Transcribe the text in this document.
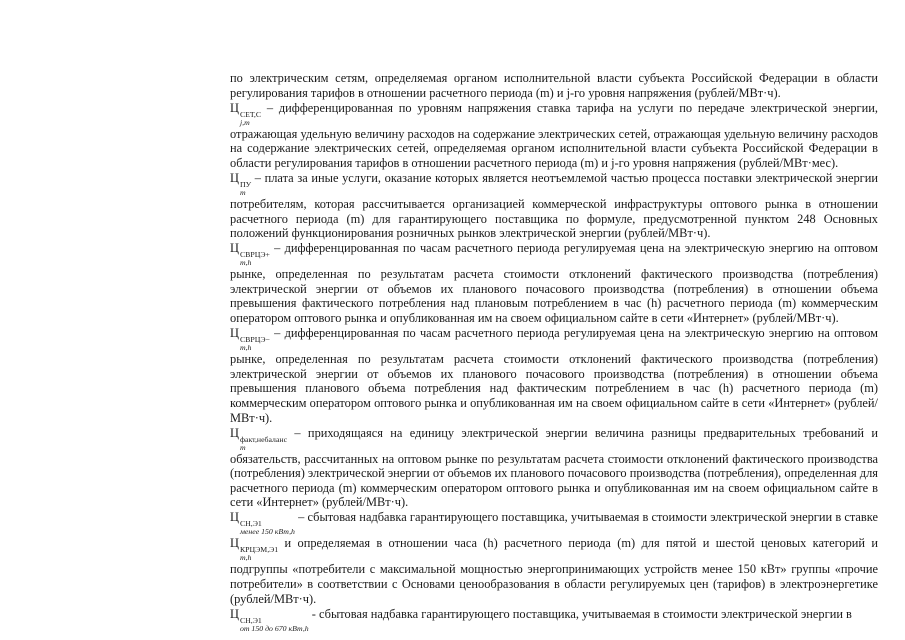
по электрическим сетям, определяемая органом исполнительной власти субъекта Российской Федерации в области регулирования тарифов в отношении расчетного периода (m) и j-го уровня напряжения (рублей/МВт·ч).

Ц СЕТ,С
j,m
– дифференцированная по уровням напряжения ставка тарифа на услуги по передаче электрической энергии, отражающая удельную величину расходов на содержание электрических сетей, отражающая удельную величину расходов на содержание электрических сетей, определяемая органом исполнительной власти субъекта Российской Федерации в области регулирования тарифов в отношении расчетного периода (m) и j-го уровня напряжения (рублей/МВт·мес).

Ц ПУ
m
– плата за иные услуги, оказание которых является неотъемлемой частью процесса поставки электрической энергии потребителям, которая рассчитывается организацией коммерческой инфраструктуры оптового рынка в отношении расчетного периода (m) для гарантирующего поставщика по формуле, предусмотренной пунктом 248 Основных положений функционирования розничных рынков электрической энергии (рублей/МВт·ч).

Ц СВРЦЭ+
m,h
– дифференцированная по часам расчетного периода регулируемая цена на электрическую энергию на оптовом рынке, определенная по результатам расчета стоимости отклонений фактического производства (потребления) электрической энергии от объемов их планового почасового производства (потребления) в отношении объема превышения фактического потребления над плановым потреблением в час (h) расчетного периода (m) коммерческим оператором оптового рынка и опубликованная им на своем официальном сайте в сети «Интернет» (рублей/МВт·ч).

Ц СВРЦЭ−
m,h
– дифференцированная по часам расчетного периода регулируемая цена на электрическую энергию на оптовом рынке, определенная по результатам расчета стоимости отклонений фактического производства (потребления) электрической энергии от объемов их планового почасового производства (потребления) в отношении объема превышения планового объема потребления над фактическим потреблением в час (h) расчетного периода (m) коммерческим оператором оптового рынка и опубликованная им на своем официальном сайте в сети «Интернет» (рублей/МВт·ч).

Ц факт,небаланс
m
– приходящаяся на единицу электрической энергии величина разницы предварительных требований и обязательств, рассчитанных на оптовом рынке по результатам расчета стоимости отклонений фактического производства (потребления) электрической энергии от объемов их планового почасового производства (потребления), определенная для расчетного периода (m) коммерческим оператором оптового рынка и опубликованная им на своем официальном сайте в сети «Интернет» (рублей/МВт·ч).

Ц СН,Э1
менее 150 кВт,h
– сбытовая надбавка гарантирующего поставщика, учитываемая в стоимости электрической энергии в ставке Ц КРЦЭМ,Э1
m,h
и определяемая в отношении часа (h) расчетного периода (m) для пятой и шестой ценовых категорий и подгруппы «потребители с максимальной мощностью энергопринимающих устройств менее 150 кВт» группы «прочие потребители» в соответствии с Основами ценообразования в области регулируемых цен (тарифов) в электроэнергетике (рублей/МВт·ч).

Ц СН,Э1
от 150 до 670 кВт,h
- сбытовая надбавка гарантирующего поставщика, учитываемая в стоимости электрической энергии в
